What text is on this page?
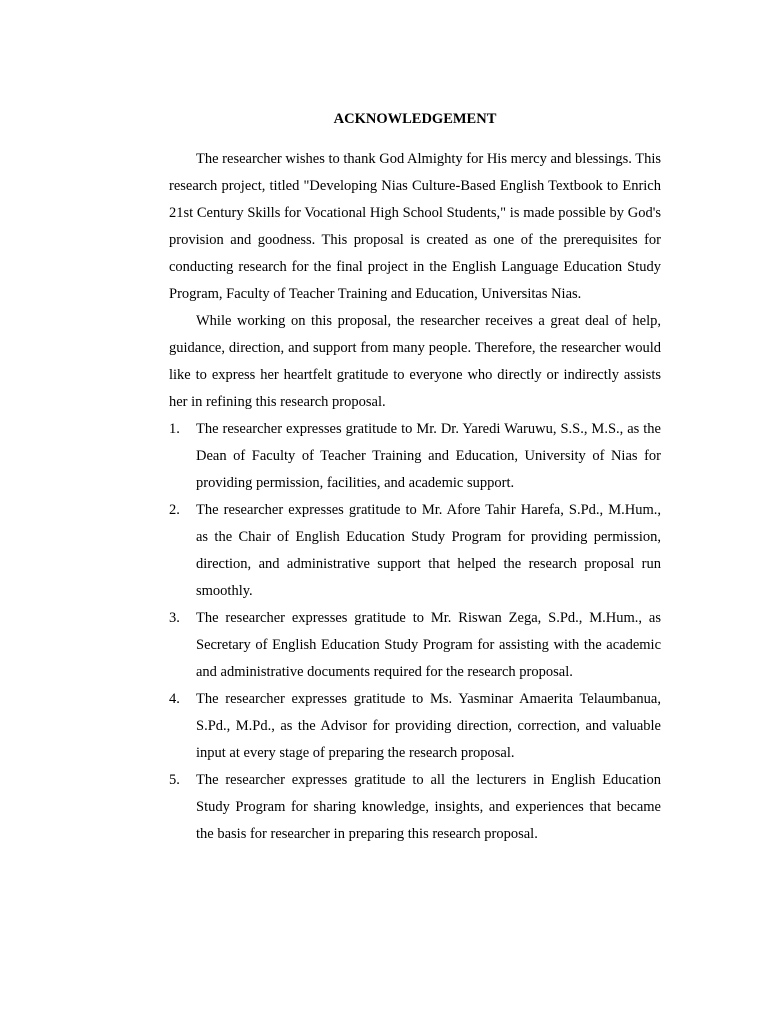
ACKNOWLEDGEMENT

The researcher wishes to thank God Almighty for His mercy and blessings. This research project, titled "Developing Nias Culture-Based English Textbook to Enrich 21st Century Skills for Vocational High School Students," is made possible by God's provision and goodness. This proposal is created as one of the prerequisites for conducting research for the final project in the English Language Education Study Program, Faculty of Teacher Training and Education, Universitas Nias.

While working on this proposal, the researcher receives a great deal of help, guidance, direction, and support from many people. Therefore, the researcher would like to express her heartfelt gratitude to everyone who directly or indirectly assists her in refining this research proposal.

1.	The researcher expresses gratitude to Mr. Dr. Yaredi Waruwu, S.S., M.S., as the Dean of Faculty of Teacher Training and Education, University of Nias for providing permission, facilities, and academic support.
2.	The researcher expresses gratitude to Mr. Afore Tahir Harefa, S.Pd., M.Hum., as the Chair of English Education Study Program for providing permission, direction, and administrative support that helped the research proposal run smoothly.
3.	The researcher expresses gratitude to Mr. Riswan Zega, S.Pd., M.Hum., as Secretary of English Education Study Program for assisting with the academic and administrative documents required for the research proposal.
4.	The researcher expresses gratitude to Ms. Yasminar Amaerita Telaumbanua, S.Pd., M.Pd., as the Advisor for providing direction, correction, and valuable input at every stage of preparing the research proposal.
5.	The researcher expresses gratitude to all the lecturers in English Education Study Program for sharing knowledge, insights, and experiences that became the basis for researcher in preparing this research proposal.
